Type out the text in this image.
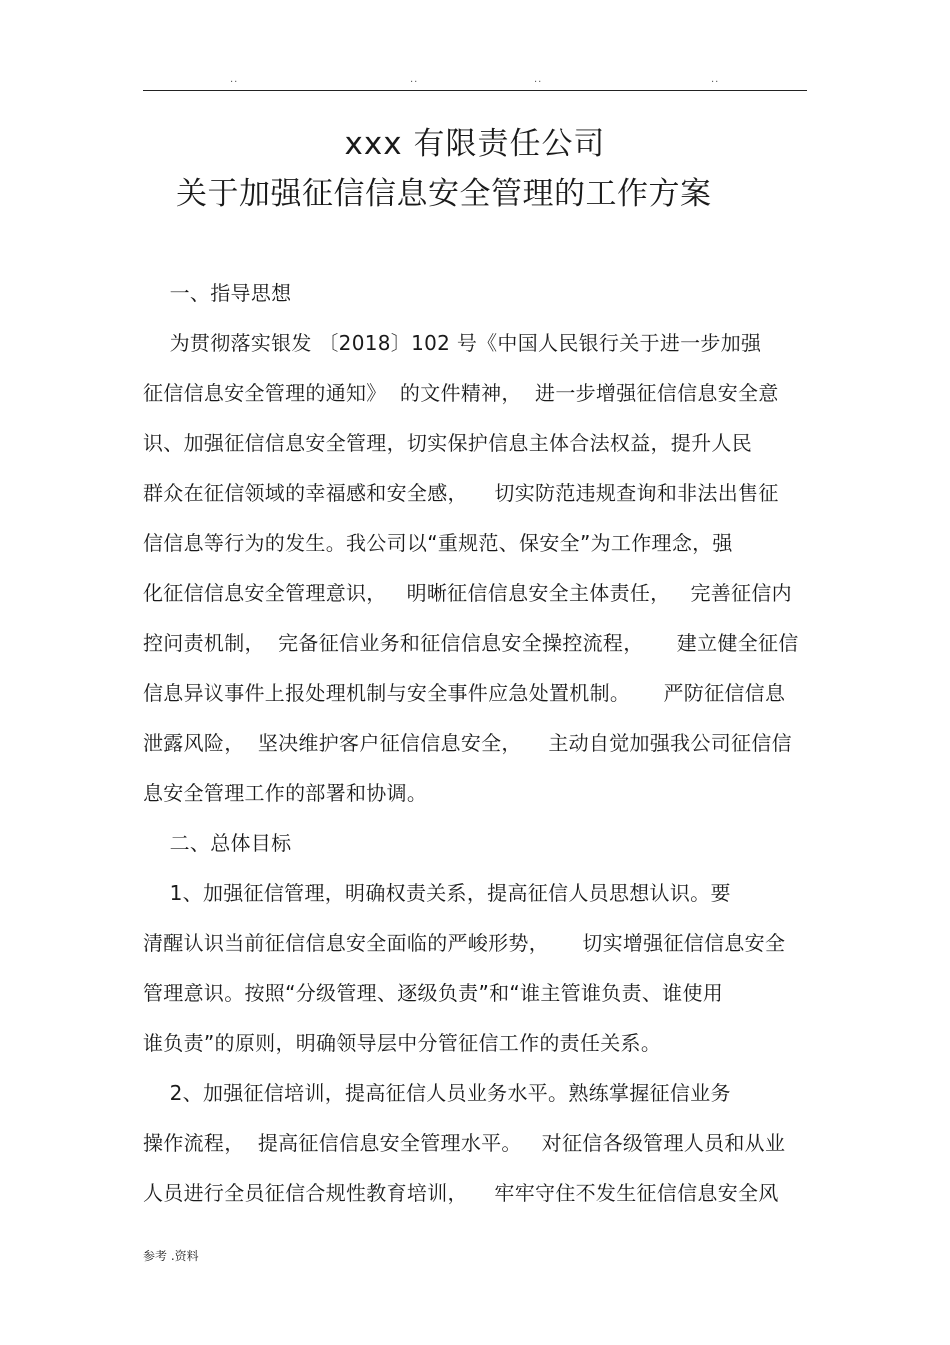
..	..	..	..
xxx 有限责任公司
关于加强征信信息安全管理的工作方案
一、指导思想
为贯彻落实银发 〔2018〕102 号《中国人民银行关于进一步加强
征信信息安全管理的通知》  的文件精神，  进一步增强征信信息安全意
识、加强征信信息安全管理，切实保护信息主体合法权益，提升人民
群众在征信领域的幸福感和安全感，    切实防范违规查询和非法出售征
信信息等行为的发生。我公司以“重规范、保安全”为工作理念，强
化征信信息安全管理意识，   明晰征信信息安全主体责任，   完善征信内
控问责机制，  完备征信业务和征信信息安全操控流程，     建立健全征信
信息异议事件上报处理机制与安全事件应急处置机制。     严防征信信息
泄露风险，  坚决维护客户征信信息安全，    主动自觉加强我公司征信信
息安全管理工作的部署和协调。
二、总体目标
1、加强征信管理，明确权责关系，提高征信人员思想认识。要
清醒认识当前征信信息安全面临的严峻形势，     切实增强征信信息安全
管理意识。按照“分级管理、逐级负责”和“谁主管谁负责、谁使用
谁负责”的原则，明确领导层中分管征信工作的责任关系。
2、加强征信培训，提高征信人员业务水平。熟练掌握征信业务
操作流程，  提高征信信息安全管理水平。   对征信各级管理人员和从业
人员进行全员征信合规性教育培训，    牢牢守住不发生征信信息安全风
参考 .资料
